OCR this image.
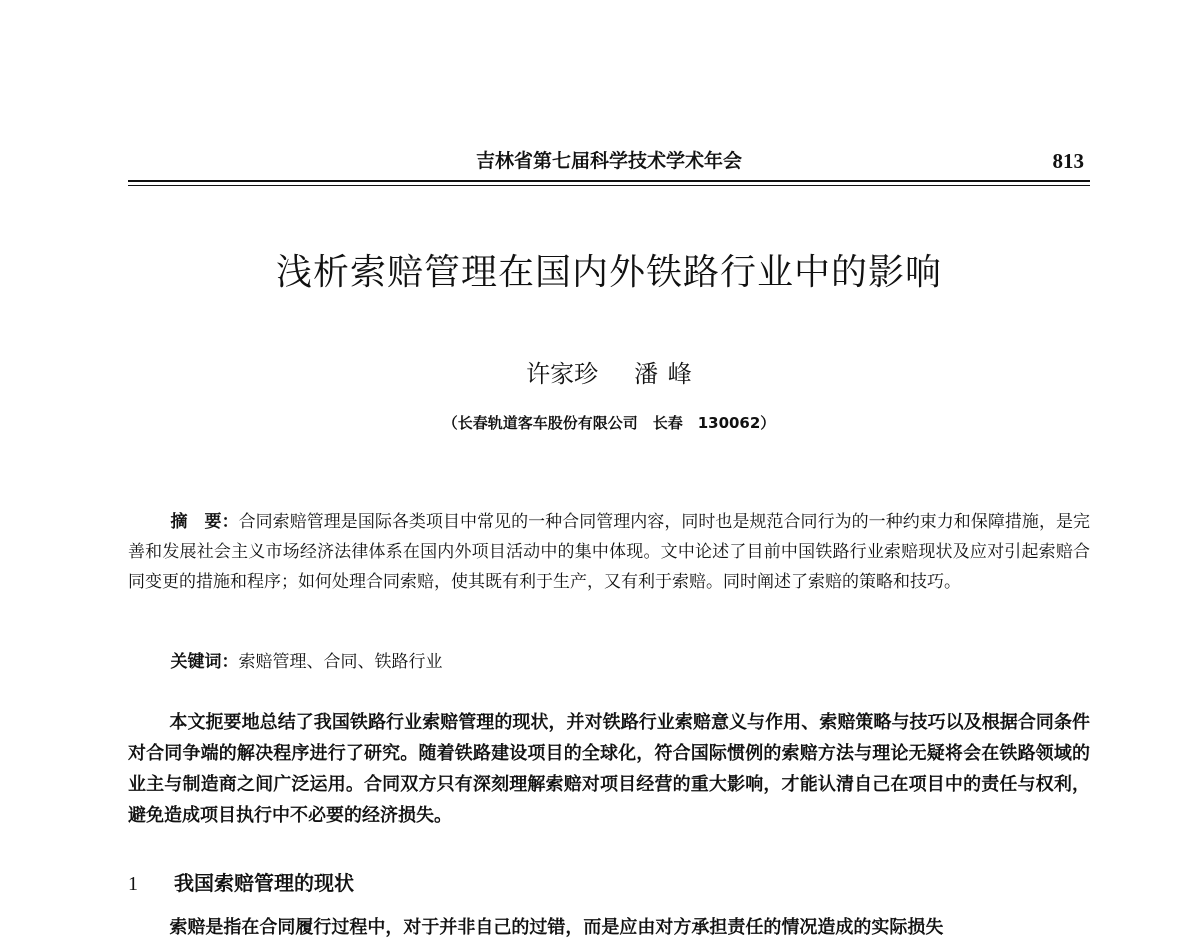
吉林省第七届科学技术学术年会	813
浅析索赔管理在国内外铁路行业中的影响
许家珍 潘 峰
（长春轨道客车股份有限公司　长春　130062）
摘　要：合同索赔管理是国际各类项目中常见的一种合同管理内容，同时也是规范合同行为的一种约束力和保障措施，是完善和发展社会主义市场经济法律体系在国内外项目活动中的集中体现。文中论述了目前中国铁路行业索赔现状及应对引起索赔合同变更的措施和程序；如何处理合同索赔，使其既有利于生产，又有利于索赔。同时阐述了索赔的策略和技巧。
关键词：索赔管理、合同、铁路行业
本文扼要地总结了我国铁路行业索赔管理的现状，并对铁路行业索赔意义与作用、索赔策略与技巧以及根据合同条件对合同争端的解决程序进行了研究。随着铁路建设项目的全球化，符合国际惯例的索赔方法与理论无疑将会在铁路领域的业主与制造商之间广泛运用。合同双方只有深刻理解索赔对项目经营的重大影响，才能认清自己在项目中的责任与权利，避免造成项目执行中不必要的经济损失。
1 我国索赔管理的现状
索赔是指在合同履行过程中，对于并非自己的过错，而是应由对方承担责任的情况造成的实际损失
